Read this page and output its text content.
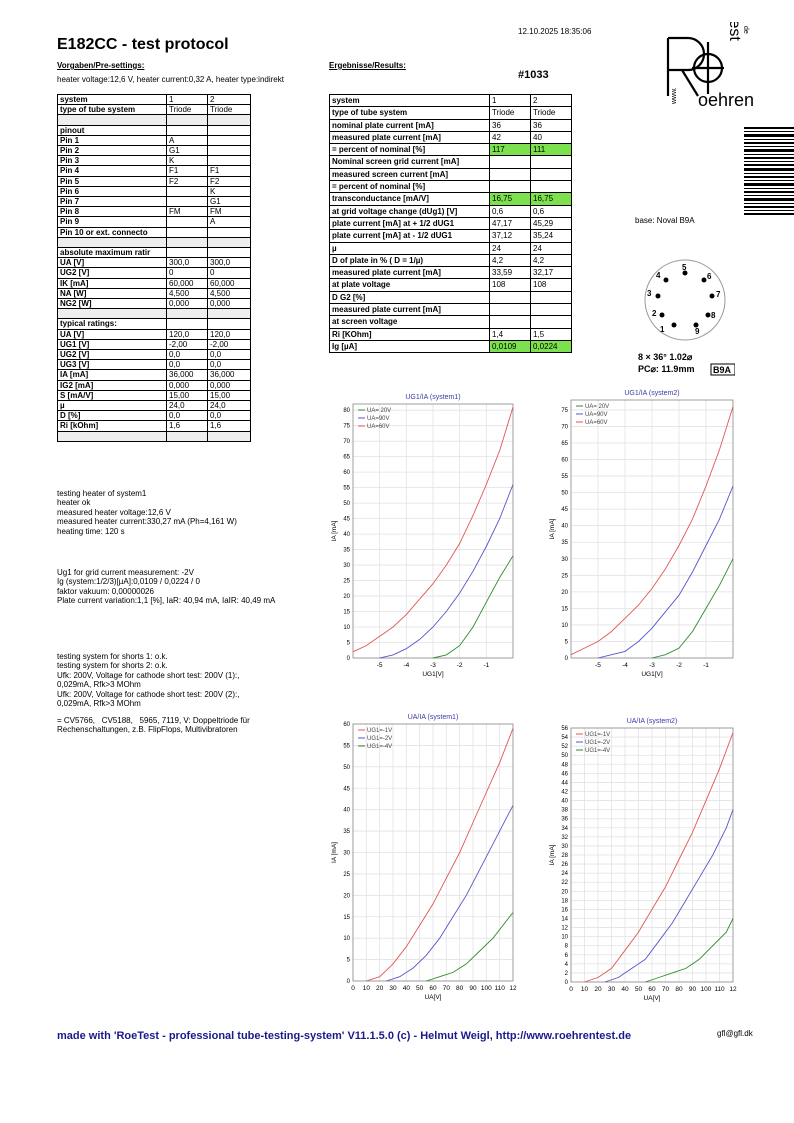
E182CC - test protocol
12.10.2025 18:35:06
Vorgaben/Pre-settings:	Ergebnisse/Results:
heater voltage:12,6 V, heater current:0,32 A, heater type:indirekt	#1033
base: Noval B9A
test de
oehren
www.
5
6
7
8
9
1
2
3
4
8 × 36° 1.02⌀
PC⌀: 11.9mm B9A
system	1	2
type of tube system	Triode	Triode

pinout		
Pin 1	A	
Pin 2	G1	
Pin 3	K	
Pin 4	F1	F1
Pin 5	F2	F2
Pin 6		K
Pin 7		G1
Pin 8	FM	FM
Pin 9		A
Pin 10 or ext. connecto		

absolute maximum ratir		
UA [V]	300,0	300,0
UG2 [V]	0	0
IK [mA]	60,000	60,000
NA [W]	4,500	4,500
NG2 [W]	0,000	0,000

typical ratings:		
UA [V]	120,0	120,0
UG1 [V]	-2,00	-2,00
UG2 [V]	0,0	0,0
UG3 [V]	0,0	0,0
IA [mA]	36,000	36,000
IG2 [mA]	0,000	0,000
S [mA/V]	15,00	15,00
µ	24,0	24,0
D [%]	0,0	0,0
Ri [kOhm]	1,6	1,6

system	1	2
type of tube system	Triode	Triode
nominal plate current [mA]	36	36
measured plate current [mA]	42	40
= percent of nominal [%]	117	111
Nominal screen grid current [mA]		
measured screen current [mA]		
= percent of nominal [%]		
transconductance [mA/V]	16,75	16,75
at grid voltage change (dUg1) [V]	0,6	0,6
plate current [mA] at + 1/2 dUG1	47,17	45,29
plate current [mA] at - 1/2 dUG1	37,12	35,24
µ	24	24
D of plate in % ( D = 1/µ)	4,2	4,2
measured plate current [mA]	33,59	32,17
at plate voltage	108	108
D G2 [%]		
measured plate current [mA]		
at screen voltage		
Ri [KOhm]	1,4	1,5
Ig [µA]	0,0109	0,0224
testing heater of system1
heater ok
measured heater voltage:12,6 V
measured heater current:330,27 mA (Ph=4,161 W)
heating time: 120 s
Ug1 for grid current measurement: -2V
Ig (system:1/2/3)[µA]:0,0109 / 0,0224 / 0
faktor vakuum: 0,00000026
Plate current variation:1,1 [%], IaR: 40,94 mA, IaIR: 40,49 mA
testing system for shorts 1: o.k.
testing system for shorts 2: o.k.
Ufk: 200V, Voltage for cathode short test: 200V (1):,
0,029mA, Rfk>3 MOhm
Ufk: 200V, Voltage for cathode short test: 200V (2):,
0,029mA, Rfk>3 MOhm
= CV5766,   CV5188,   5965, 7119, V: Doppeltriode für
Rechenschaltungen, z.B. FlipFlops, Multivibratoren
UG1/IA (system1)
-5	-4	-3	-2	-1
0
5
10
15
20
25
30
35
40
45
50
55
60
65
70
75
80
UG1[V]
IA [mA]
UA= 20V
UA=90V
UA=60V
UG1/IA (system2)
-5	-4	-3	-2	-1
0
5
10
15
20
25
30
35
40
45
50
55
60
65
70
75
UG1[V]
IA [mA]
UA= 20V
UA=90V
UA=60V
UA/IA (system1)
0 10 20 30 40 50 60 70 80 90 100 110 12
0
5
10
15
20
25
30
35
40
45
50
55
60
UA[V]
IA [mA]
UG1=-1V
UG1=-2V
UG1=-4V
UA/IA (system2)
0 10 20 30 40 50 60 70 80 90 100 110 12
0
2
4
6
8
10
12
14
16
18
20
22
24
26
28
30
32
34
36
38
40
42
44
46
48
50
52
54
56
UA[V]
IA [mA]
UG1=-1V
UG1=-2V
UG1=-4V
made with 'RoeTest - professional tube-testing-system' V11.1.5.0 (c) - Helmut Weigl, http://www.roehrentest.de	gfl@gfl.dk
